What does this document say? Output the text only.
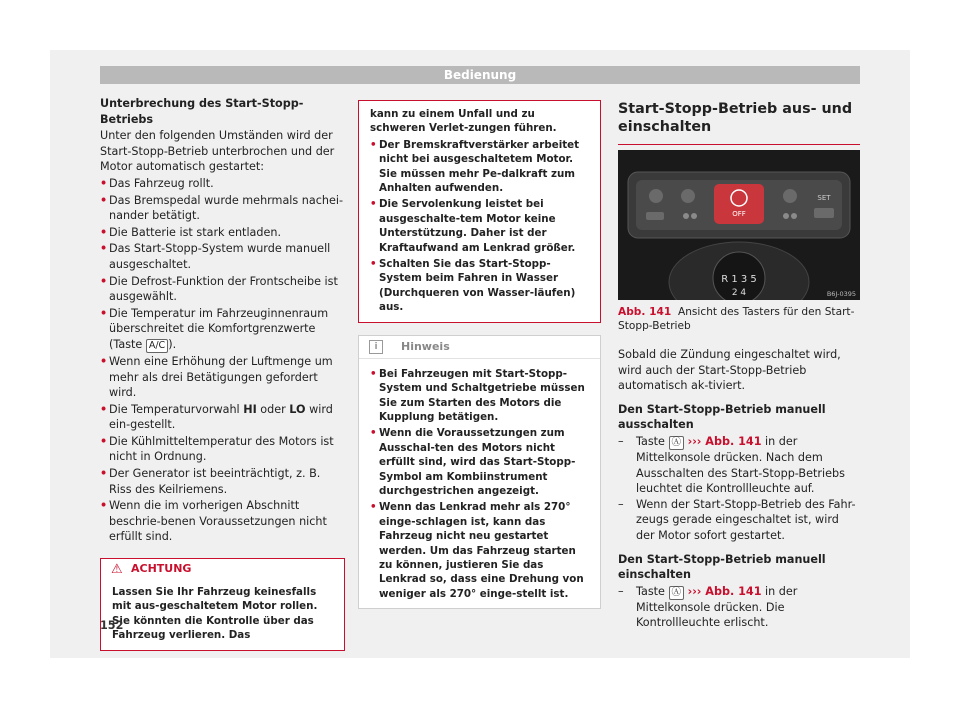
Bedienung

Unterbrechung des Start-Stopp-Betriebs

Unter den folgenden Umständen wird der Start-Stopp-Betrieb unterbrochen und der Motor automatisch gestartet:

• Das Fahrzeug rollt.
• Das Bremspedal wurde mehrmals nachei-nander betätigt.
• Die Batterie ist stark entladen.
• Das Start-Stopp-System wurde manuell ausgeschaltet.
• Die Defrost-Funktion der Frontscheibe ist ausgewählt.
• Die Temperatur im Fahrzeuginnenraum überschreitet die Komfortgrenzwerte (Taste A/C ).
• Wenn eine Erhöhung der Luftmenge um mehr als drei Betätigungen gefordert wird.
• Die Temperaturvorwahl HI oder LO wird ein-gestellt.
• Die Kühlmitteltemperatur des Motors ist nicht in Ordnung.
• Der Generator ist beeinträchtigt, z. B. Riss des Keilriemens.
• Wenn die im vorherigen Abschnitt beschrie-benen Voraussetzungen nicht erfüllt sind.
⚠ ACHTUNG
Lassen Sie Ihr Fahrzeug keinesfalls mit aus-geschaltetem Motor rollen. Sie könnten die Kontrolle über das Fahrzeug verlieren. Das
kann zu einem Unfall und zu schweren Verlet-zungen führen.
• Der Bremskraftverstärker arbeitet nicht bei ausgeschaltetem Motor. Sie müssen mehr Pe-dalkraft zum Anhalten aufwenden.
• Die Servolenkung leistet bei ausgeschalte-tem Motor keine Unterstützung. Daher ist der Kraftaufwand am Lenkrad größer.
• Schalten Sie das Start-Stopp-System beim Fahren in Wasser (Durchqueren von Wasser-läufen) aus.
i	Hinweis
• Bei Fahrzeugen mit Start-Stopp-System und Schaltgetriebe müssen Sie zum Starten des Motors die Kupplung betätigen.
• Wenn die Voraussetzungen zum Ausschal-ten des Motors nicht erfüllt sind, wird das Start-Stopp-Symbol am Kombiinstrument durchgestrichen angezeigt.
• Wenn das Lenkrad mehr als 270° einge-schlagen ist, kann das Fahrzeug nicht neu gestartet werden. Um das Fahrzeug starten zu können, justieren Sie das Lenkrad so, dass eine Drehung von weniger als 270° einge-stellt ist.

Start-Stopp-Betrieb aus- und einschalten

OFF
SET
R 1 3 5
2 4	B6J-0395
Abb. 141 Ansicht des Tasters für den Start-Stopp-Betrieb

Sobald die Zündung eingeschaltet wird, wird auch der Start-Stopp-Betrieb automatisch ak-tiviert.

Den Start-Stopp-Betrieb manuell ausschalten

– Taste Ⓐ ››› Abb. 141 in der Mittelkonsole drücken. Nach dem Ausschalten des Start-Stopp-Betriebs leuchtet die Kontrollleuchte auf.
– Wenn der Start-Stopp-Betrieb des Fahr-zeugs gerade eingeschaltet ist, wird der Motor sofort gestartet.

Den Start-Stopp-Betrieb manuell einschalten

– Taste Ⓐ ››› Abb. 141 in der Mittelkonsole drücken. Die Kontrollleuchte erlischt.
152
